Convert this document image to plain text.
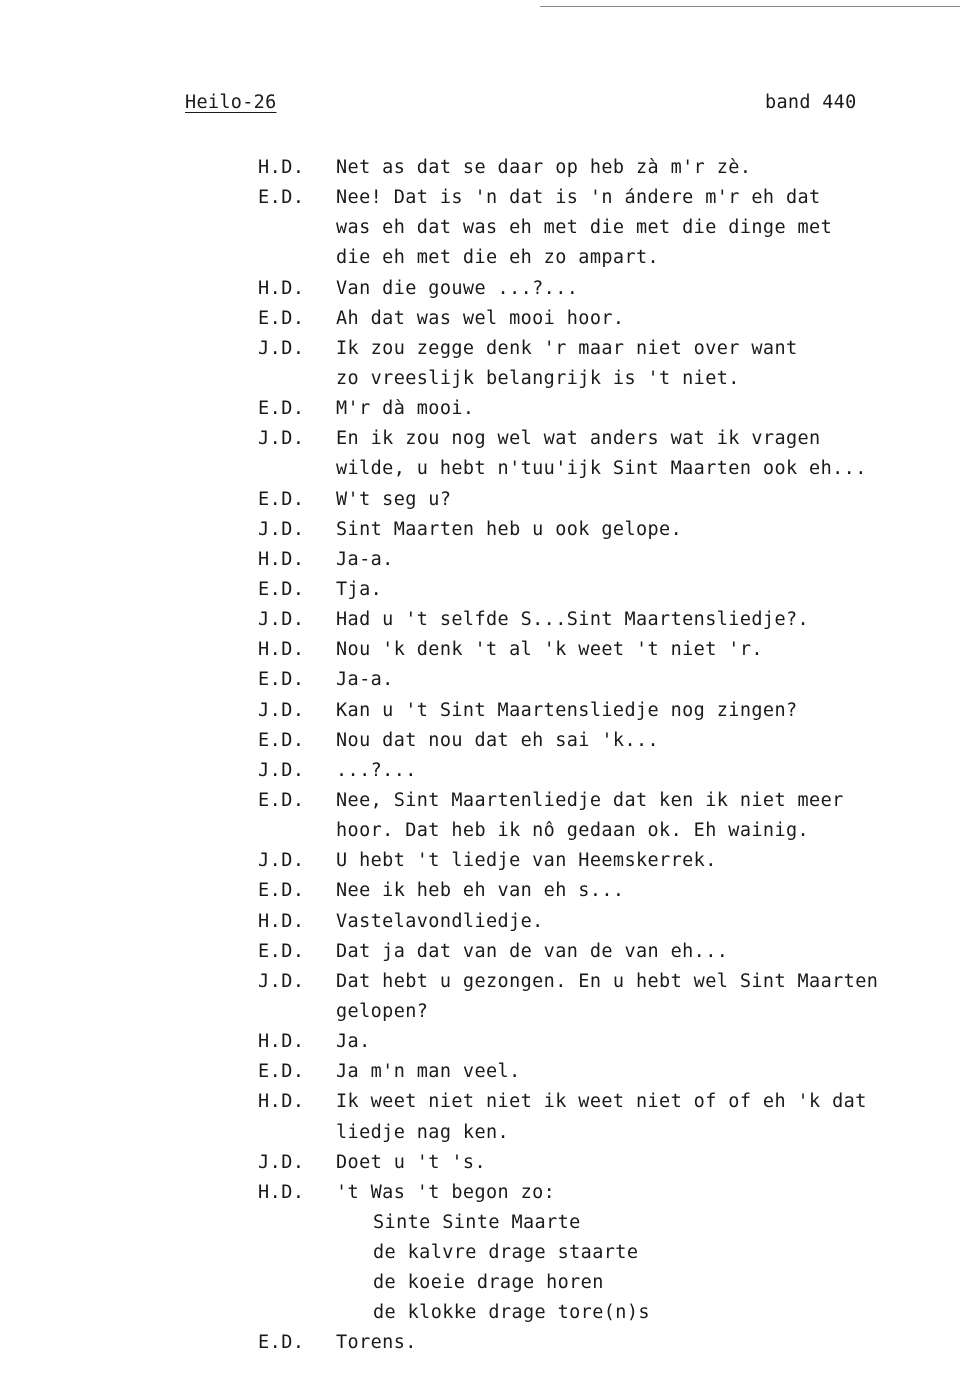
Heilo-26	band 440
H.D. Net as dat se daar op heb zà m'r zè.
E.D. Nee! Dat is 'n dat is 'n ándere m'r eh dat
was eh dat was eh met die met die dinge met
die eh met die eh zo ampart.
H.D. Van die gouwe ...?...
E.D. Ah dat was wel mooi hoor.
J.D. Ik zou zegge denk 'r maar niet over want
zo vreeslijk belangrijk is 't niet.
E.D. M'r dà mooi.
J.D. En ik zou nog wel wat anders wat ik vragen
wilde, u hebt n'tuu'ijk Sint Maarten ook eh...
E.D. W't seg u?
J.D. Sint Maarten heb u ook gelope.
H.D. Ja-a.
E.D. Tja.
J.D. Had u 't selfde S...Sint Maartensliedje?.
H.D. Nou 'k denk 't al 'k weet 't niet 'r.
E.D. Ja-a.
J.D. Kan u 't Sint Maartensliedje nog zingen?
E.D. Nou dat nou dat eh sai 'k...
J.D. ...?...
E.D. Nee, Sint Maartenliedje dat ken ik niet meer
hoor. Dat heb ik nô gedaan ok. Eh wainig.
J.D. U hebt 't liedje van Heemskerrek.
E.D. Nee ik heb eh van eh s...
H.D. Vastelavondliedje.
E.D. Dat ja dat van de van de van eh...
J.D. Dat hebt u gezongen. En u hebt wel Sint Maarten
gelopen?
H.D. Ja.
E.D. Ja m'n man veel.
H.D. Ik weet niet niet ik weet niet of of eh 'k dat
liedje nag ken.
J.D. Doet u 't 's.
H.D. 't Was 't begon zo:
Sinte Sinte Maarte
de kalvre drage staarte
de koeie drage horen
de klokke drage tore(n)s
E.D. Torens.
